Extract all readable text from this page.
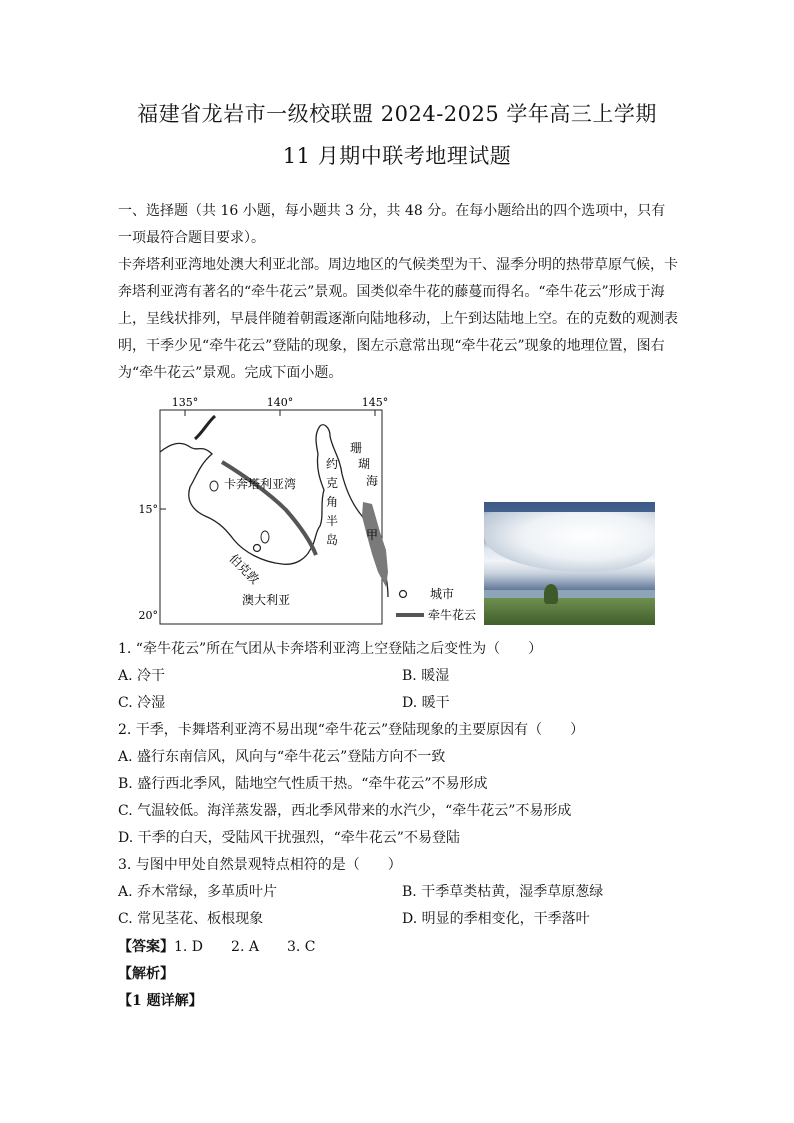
福建省龙岩市一级校联盟 2024-2025 学年高三上学期
11 月期中联考地理试题
一、选择题（共 16 小题，每小题共 3 分，共 48 分。在每小题给出的四个选项中，只有一项最符合题目要求）。
卡奔塔利亚湾地处澳大利亚北部。周边地区的气候类型为干、湿季分明的热带草原气候，卡奔塔利亚湾有著名的“牵牛花云”景观。国类似牵牛花的藤蔓而得名。“牵牛花云”形成于海上，呈线状排列，早晨伴随着朝霞逐渐向陆地移动，上午到达陆地上空。在的克数的观测表明，干季少见“牵牛花云”登陆的现象，图左示意常出现“牵牛花云”现象的地理位置，图右为“牵牛花云”景观。完成下面小题。
135°	140°	145°
15°
20°
卡奔塔利亚湾
约
克
角
半
岛
珊
瑚
海
甲
伯克敦
澳大利亚	城市
牵牛花云
1. “牵牛花云”所在气团从卡奔塔利亚湾上空登陆之后变性为（　　）
A. 冷干	B. 暖湿
C. 冷湿	D. 暖干
2. 干季，卡舞塔利亚湾不易出现“牵牛花云”登陆现象的主要原因有（　　）
A. 盛行东南信风，风向与“牵牛花云”登陆方向不一致
B. 盛行西北季风，陆地空气性质干热。“牵牛花云”不易形成
C. 气温较低。海洋蒸发器，西北季风带来的水汽少，“牵牛花云”不易形成
D. 干季的白天，受陆风干扰强烈，“牵牛花云”不易登陆
3. 与图中甲处自然景观特点相符的是（　　）
A. 乔木常绿，多革质叶片	B. 干季草类枯黄，湿季草原葱绿
C. 常见茎花、板根现象	D. 明显的季相变化，干季落叶
【答案】1. D　　2. A　　3. C
【解析】
【1 题详解】
